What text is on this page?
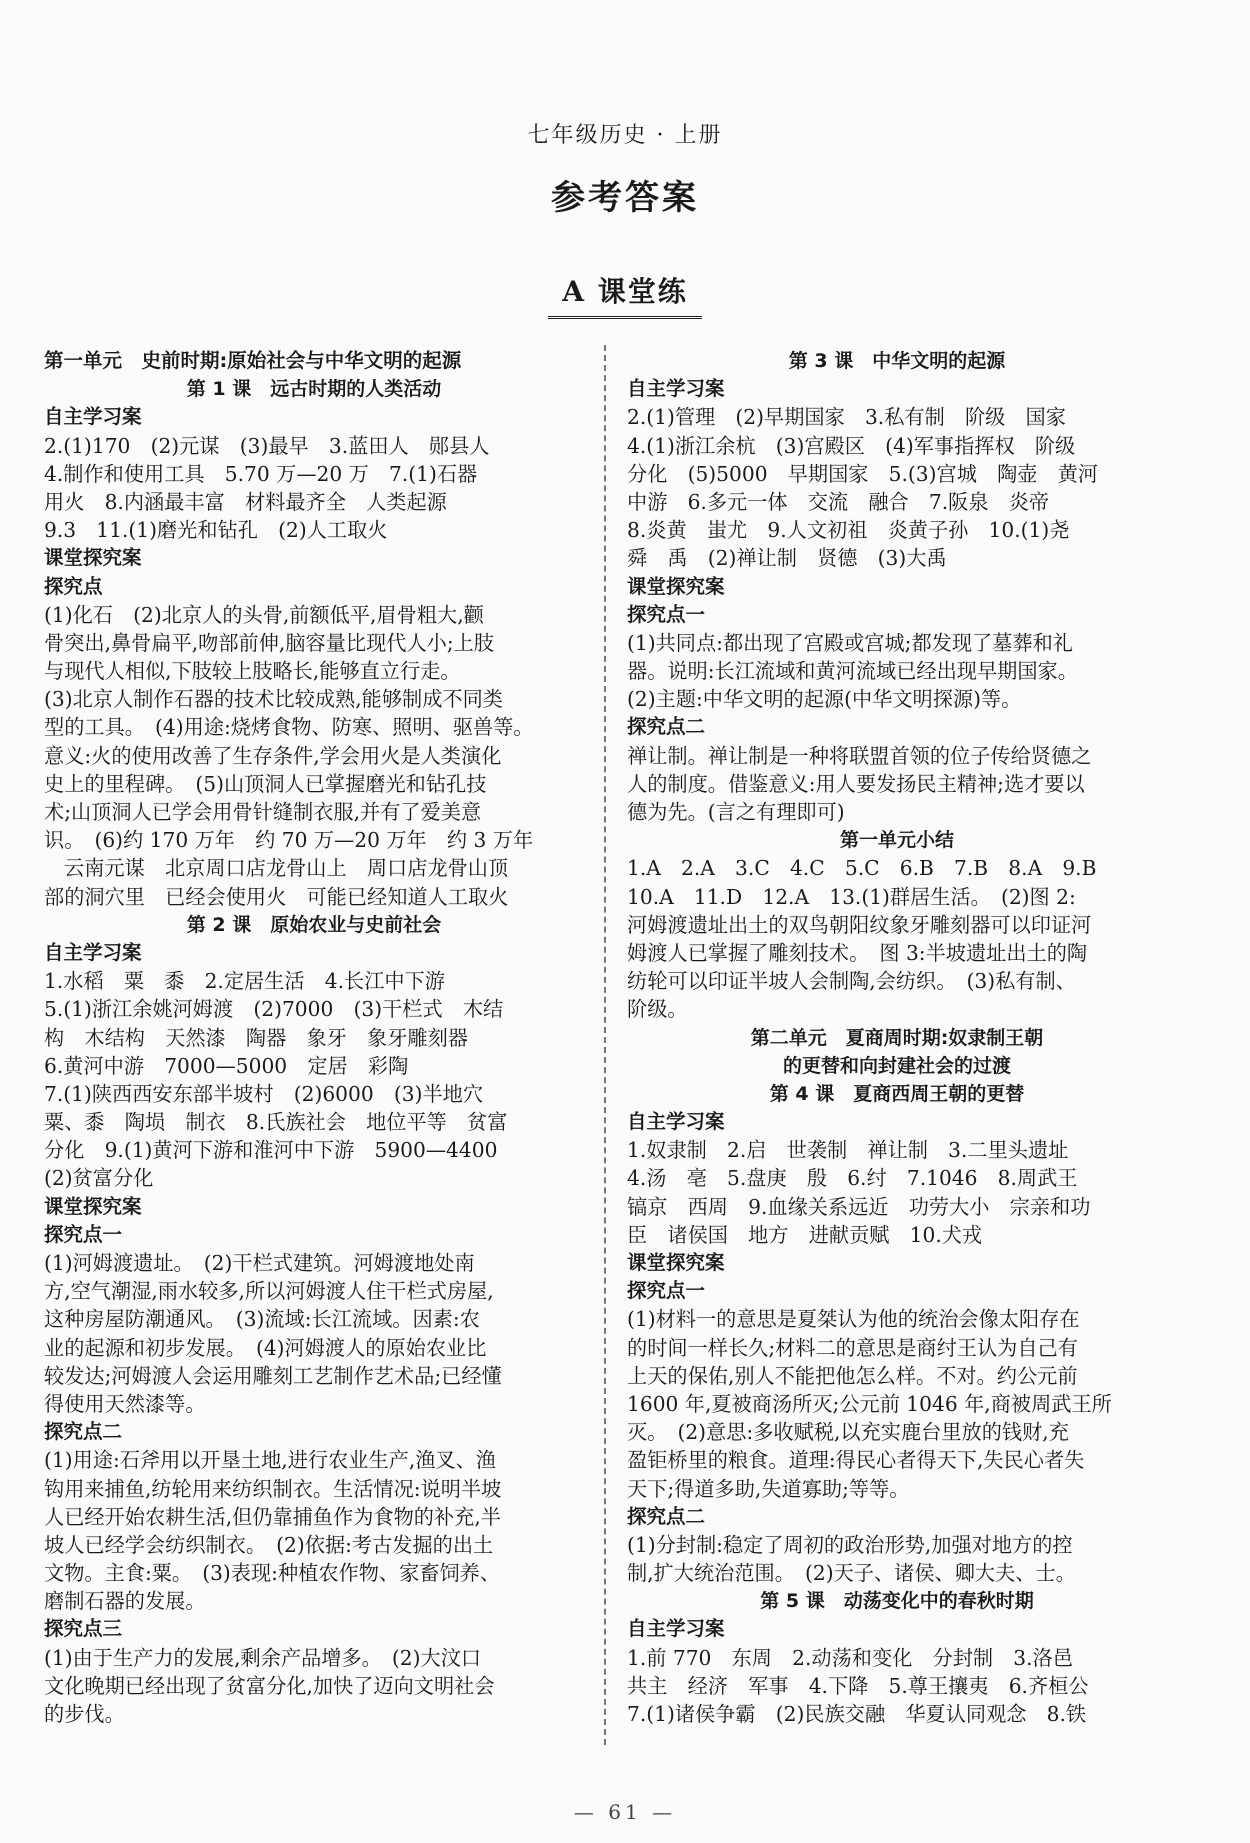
七年级历史 · 上册
参考答案
A 课堂练
第一单元　史前时期:原始社会与中华文明的起源
第 1 课　远古时期的人类活动
自主学习案
2.(1)170　(2)元谋　(3)最早　3.蓝田人　郧县人
4.制作和使用工具　5.70 万—20 万　7.(1)石器
用火　8.内涵最丰富　材料最齐全　人类起源
9.3　11.(1)磨光和钻孔　(2)人工取火
课堂探究案
探究点
(1)化石　(2)北京人的头骨,前额低平,眉骨粗大,颧
骨突出,鼻骨扁平,吻部前伸,脑容量比现代人小;上肢
与现代人相似,下肢较上肢略长,能够直立行走。
(3)北京人制作石器的技术比较成熟,能够制成不同类
型的工具。　(4)用途:烧烤食物、防寒、照明、驱兽等。
意义:火的使用改善了生存条件,学会用火是人类演化
史上的里程碑。　(5)山顶洞人已掌握磨光和钻孔技
术;山顶洞人已学会用骨针缝制衣服,并有了爱美意
识。　(6)约 170 万年　约 70 万—20 万年　约 3 万年
云南元谋　北京周口店龙骨山上　周口店龙骨山顶
部的洞穴里　已经会使用火　可能已经知道人工取火
第 2 课　原始农业与史前社会
自主学习案
1.水稻　粟　黍　2.定居生活　4.长江中下游
5.(1)浙江余姚河姆渡　(2)7000　(3)干栏式　木结
构　木结构　天然漆　陶器　象牙　象牙雕刻器
6.黄河中游　7000—5000　定居　彩陶
7.(1)陕西西安东部半坡村　(2)6000　(3)半地穴
粟、黍　陶埙　制衣　8.氏族社会　地位平等　贫富
分化　9.(1)黄河下游和淮河中下游　5900—4400
(2)贫富分化
课堂探究案
探究点一
(1)河姆渡遗址。　(2)干栏式建筑。河姆渡地处南
方,空气潮湿,雨水较多,所以河姆渡人住干栏式房屋,
这种房屋防潮通风。　(3)流域:长江流域。因素:农
业的起源和初步发展。　(4)河姆渡人的原始农业比
较发达;河姆渡人会运用雕刻工艺制作艺术品;已经懂
得使用天然漆等。
探究点二
(1)用途:石斧用以开垦土地,进行农业生产,渔叉、渔
钩用来捕鱼,纺轮用来纺织制衣。生活情况:说明半坡
人已经开始农耕生活,但仍靠捕鱼作为食物的补充,半
坡人已经学会纺织制衣。　(2)依据:考古发掘的出土
文物。主食:粟。　(3)表现:种植农作物、家畜饲养、
磨制石器的发展。
探究点三
(1)由于生产力的发展,剩余产品增多。　(2)大汶口
文化晚期已经出现了贫富分化,加快了迈向文明社会
的步伐。
第 3 课　中华文明的起源
自主学习案
2.(1)管理　(2)早期国家　3.私有制　阶级　国家
4.(1)浙江余杭　(3)宫殿区　(4)军事指挥权　阶级
分化　(5)5000　早期国家　5.(3)宫城　陶壶　黄河
中游　6.多元一体　交流　融合　7.阪泉　炎帝
8.炎黄　蚩尤　9.人文初祖　炎黄子孙　10.(1)尧
舜　禹　(2)禅让制　贤德　(3)大禹
课堂探究案
探究点一
(1)共同点:都出现了宫殿或宫城;都发现了墓葬和礼
器。说明:长江流域和黄河流域已经出现早期国家。
(2)主题:中华文明的起源(中华文明探源)等。
探究点二
禅让制。禅让制是一种将联盟首领的位子传给贤德之
人的制度。借鉴意义:用人要发扬民主精神;选才要以
德为先。(言之有理即可)
第一单元小结
1.A　2.A　3.C　4.C　5.C　6.B　7.B　8.A　9.B
10.A　11.D　12.A　13.(1)群居生活。　(2)图 2:
河姆渡遗址出土的双鸟朝阳纹象牙雕刻器可以印证河
姆渡人已掌握了雕刻技术。　图 3:半坡遗址出土的陶
纺轮可以印证半坡人会制陶,会纺织。　(3)私有制、
阶级。
第二单元　夏商周时期:奴隶制王朝
的更替和向封建社会的过渡
第 4 课　夏商西周王朝的更替
自主学习案
1.奴隶制　2.启　世袭制　禅让制　3.二里头遗址
4.汤　亳　5.盘庚　殷　6.纣　7.1046　8.周武王
镐京　西周　9.血缘关系远近　功劳大小　宗亲和功
臣　诸侯国　地方　进献贡赋　10.犬戎
课堂探究案
探究点一
(1)材料一的意思是夏桀认为他的统治会像太阳存在
的时间一样长久;材料二的意思是商纣王认为自己有
上天的保佑,别人不能把他怎么样。不对。约公元前
1600 年,夏被商汤所灭;公元前 1046 年,商被周武王所
灭。　(2)意思:多收赋税,以充实鹿台里放的钱财,充
盈钜桥里的粮食。道理:得民心者得天下,失民心者失
天下;得道多助,失道寡助;等等。
探究点二
(1)分封制:稳定了周初的政治形势,加强对地方的控
制,扩大统治范围。　(2)天子、诸侯、卿大夫、士。
第 5 课　动荡变化中的春秋时期
自主学习案
1.前 770　东周　2.动荡和变化　分封制　3.洛邑
共主　经济　军事　4.下降　5.尊王攘夷　6.齐桓公
7.(1)诸侯争霸　(2)民族交融　华夏认同观念　8.铁
— 61 —
